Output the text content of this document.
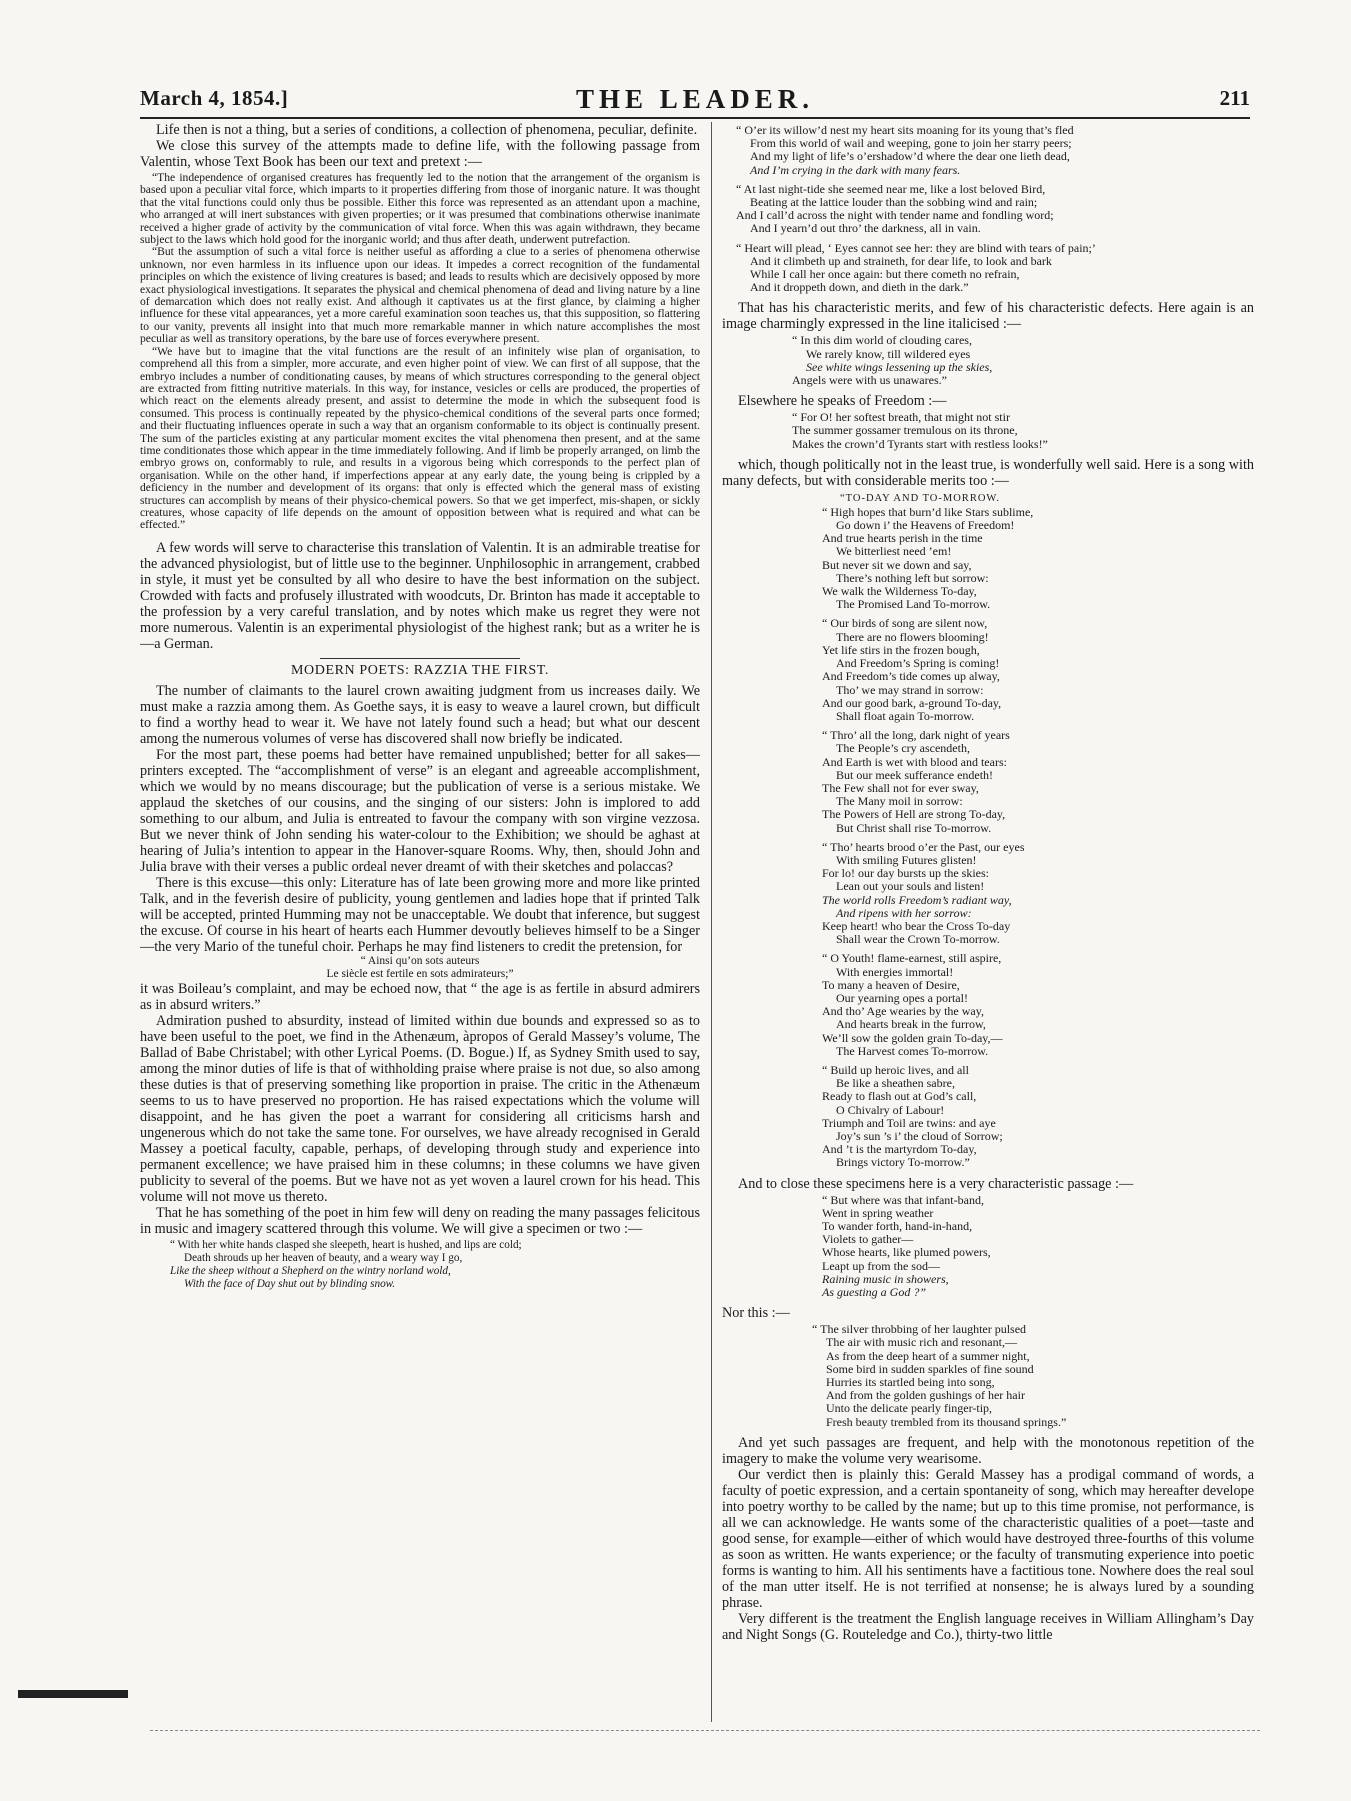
March 4, 1854.]	THE LEADER.	211

Life then is not a thing, but a series of conditions, a collection of phenomena, peculiar, definite.

We close this survey of the attempts made to define life, with the following passage from Valentin, whose Text Book has been our text and pretext :—

“The independence of organised creatures has frequently led to the notion that the arrangement of the organism is based upon a peculiar vital force, which imparts to it properties differing from those of inorganic nature. It was thought that the vital functions could only thus be possible. Either this force was represented as an attendant upon a machine, who arranged at will inert substances with given properties; or it was presumed that combinations otherwise inanimate received a higher grade of activity by the communication of vital force. When this was again withdrawn, they became subject to the laws which hold good for the inorganic world; and thus after death, underwent putrefaction.

“But the assumption of such a vital force is neither useful as affording a clue to a series of phenomena otherwise unknown, nor even harmless in its influence upon our ideas. It impedes a correct recognition of the fundamental principles on which the existence of living creatures is based; and leads to results which are decisively opposed by more exact physiological investigations. It separates the physical and chemical phenomena of dead and living nature by a line of demarcation which does not really exist. And although it captivates us at the first glance, by claiming a higher influence for these vital appearances, yet a more careful examination soon teaches us, that this supposition, so flattering to our vanity, prevents all insight into that much more remarkable manner in which nature accomplishes the most peculiar as well as transitory operations, by the bare use of forces everywhere present.

“We have but to imagine that the vital functions are the result of an infinitely wise plan of organisation, to comprehend all this from a simpler, more accurate, and even higher point of view. We can first of all suppose, that the embryo includes a number of conditionating causes, by means of which structures corresponding to the general object are extracted from fitting nutritive materials. In this way, for instance, vesicles or cells are produced, the properties of which react on the elements already present, and assist to determine the mode in which the subsequent food is consumed. This process is continually repeated by the physico-chemical conditions of the several parts once formed; and their fluctuating influences operate in such a way that an organism conformable to its object is continually present. The sum of the particles existing at any particular moment excites the vital phenomena then present, and at the same time conditionates those which appear in the time immediately following. And if limb be properly arranged, on limb the embryo grows on, conformably to rule, and results in a vigorous being which corresponds to the perfect plan of organisation. While on the other hand, if imperfections appear at any early date, the young being is crippled by a deficiency in the number and development of its organs: that only is effected which the general mass of existing structures can accomplish by means of their physico-chemical powers. So that we get imperfect, mis-shapen, or sickly creatures, whose capacity of life depends on the amount of opposition between what is required and what can be effected.”

A few words will serve to characterise this translation of Valentin. It is an admirable treatise for the advanced physiologist, but of little use to the beginner. Unphilosophic in arrangement, crabbed in style, it must yet be consulted by all who desire to have the best information on the subject. Crowded with facts and profusely illustrated with woodcuts, Dr. Brinton has made it acceptable to the profession by a very careful translation, and by notes which make us regret they were not more numerous. Valentin is an experimental physiologist of the highest rank; but as a writer he is—a German.

MODERN POETS: RAZZIA THE FIRST.

The number of claimants to the laurel crown awaiting judgment from us increases daily. We must make a razzia among them. As Goethe says, it is easy to weave a laurel crown, but difficult to find a worthy head to wear it. We have not lately found such a head; but what our descent among the numerous volumes of verse has discovered shall now briefly be indicated.

For the most part, these poems had better have remained unpublished; better for all sakes—printers excepted. The “accomplishment of verse” is an elegant and agreeable accomplishment, which we would by no means discourage; but the publication of verse is a serious mistake. We applaud the sketches of our cousins, and the singing of our sisters: John is implored to add something to our album, and Julia is entreated to favour the company with son virgine vezzosa. But we never think of John sending his water-colour to the Exhibition; we should be aghast at hearing of Julia’s intention to appear in the Hanover-square Rooms. Why, then, should John and Julia brave with their verses a public ordeal never dreamt of with their sketches and polaccas?

There is this excuse—this only: Literature has of late been growing more and more like printed Talk, and in the feverish desire of publicity, young gentlemen and ladies hope that if printed Talk will be accepted, printed Humming may not be unacceptable. We doubt that inference, but suggest the excuse. Of course in his heart of hearts each Hummer devoutly believes himself to be a Singer—the very Mario of the tuneful choir. Perhaps he may find listeners to credit the pretension, for

“ Ainsi qu’on sots auteurs
Le siècle est fertile en sots admirateurs;”

it was Boileau’s complaint, and may be echoed now, that “ the age is as fertile in absurd admirers as in absurd writers.”

Admiration pushed to absurdity, instead of limited within due bounds and expressed so as to have been useful to the poet, we find in the Athenæum, àpropos of Gerald Massey’s volume, The Ballad of Babe Christabel; with other Lyrical Poems. (D. Bogue.) If, as Sydney Smith used to say, among the minor duties of life is that of withholding praise where praise is not due, so also among these duties is that of preserving something like proportion in praise. The critic in the Athenæum seems to us to have preserved no proportion. He has raised expectations which the volume will disappoint, and he has given the poet a warrant for considering all criticisms harsh and ungenerous which do not take the same tone. For ourselves, we have already recognised in Gerald Massey a poetical faculty, capable, perhaps, of developing through study and experience into permanent excellence; we have praised him in these columns; in these columns we have given publicity to several of the poems. But we have not as yet woven a laurel crown for his head. This volume will not move us thereto.

That he has something of the poet in him few will deny on reading the many passages felicitous in music and imagery scattered through this volume. We will give a specimen or two :—

“ With her white hands clasped she sleepeth, heart is hushed, and lips are cold;
Death shrouds up her heaven of beauty, and a weary way I go,
Like the sheep without a Shepherd on the wintry norland wold,
With the face of Day shut out by blinding snow.
“ O’er its willow’d nest my heart sits moaning for its young that’s fled
From this world of wail and weeping, gone to join her starry peers;
And my light of life’s o’ershadow’d where the dear one lieth dead,
And I’m crying in the dark with many fears.
“ At last night-tide she seemed near me, like a lost beloved Bird,
Beating at the lattice louder than the sobbing wind and rain;
And I call’d across the night with tender name and fondling word;
And I yearn’d out thro’ the darkness, all in vain.
“ Heart will plead, ‘ Eyes cannot see her: they are blind with tears of pain;’
And it climbeth up and straineth, for dear life, to look and bark
While I call her once again: but there cometh no refrain,
And it droppeth down, and dieth in the dark.”

That has his characteristic merits, and few of his characteristic defects. Here again is an image charmingly expressed in the line italicised :—

“ In this dim world of clouding cares,
We rarely know, till wildered eyes
See white wings lessening up the skies,
Angels were with us unawares.”

Elsewhere he speaks of Freedom :—

“ For O! her softest breath, that might not stir
The summer gossamer tremulous on its throne,
Makes the crown’d Tyrants start with restless looks!”

which, though politically not in the least true, is wonderfully well said. Here is a song with many defects, but with considerable merits too :—

“TO-DAY AND TO-MORROW.
“ High hopes that burn’d like Stars sublime,
Go down i’ the Heavens of Freedom!
And true hearts perish in the time
We bitterliest need ’em!
But never sit we down and say,
There’s nothing left but sorrow:
We walk the Wilderness To-day,
The Promised Land To-morrow.
“ Our birds of song are silent now,
There are no flowers blooming!
Yet life stirs in the frozen bough,
And Freedom’s Spring is coming!
And Freedom’s tide comes up alway,
Tho’ we may strand in sorrow:
And our good bark, a-ground To-day,
Shall float again To-morrow.
“ Thro’ all the long, dark night of years
The People’s cry ascendeth,
And Earth is wet with blood and tears:
But our meek sufferance endeth!
The Few shall not for ever sway,
The Many moil in sorrow:
The Powers of Hell are strong To-day,
But Christ shall rise To-morrow.
“ Tho’ hearts brood o’er the Past, our eyes
With smiling Futures glisten!
For lo! our day bursts up the skies:
Lean out your souls and listen!
The world rolls Freedom’s radiant way,
And ripens with her sorrow:
Keep heart! who bear the Cross To-day
Shall wear the Crown To-morrow.
“ O Youth! flame-earnest, still aspire,
With energies immortal!
To many a heaven of Desire,
Our yearning opes a portal!
And tho’ Age wearies by the way,
And hearts break in the furrow,
We’ll sow the golden grain To-day,—
The Harvest comes To-morrow.
“ Build up heroic lives, and all
Be like a sheathen sabre,
Ready to flash out at God’s call,
O Chivalry of Labour!
Triumph and Toil are twins: and aye
Joy’s sun ’s i’ the cloud of Sorrow;
And ’t is the martyrdom To-day,
Brings victory To-morrow.”

And to close these specimens here is a very characteristic passage :—

“ But where was that infant-band,
Went in spring weather
To wander forth, hand-in-hand,
Violets to gather—
Whose hearts, like plumed powers,
Leapt up from the sod—
Raining music in showers,
As guesting a God ?”

Nor this :—

“ The silver throbbing of her laughter pulsed
The air with music rich and resonant,—
As from the deep heart of a summer night,
Some bird in sudden sparkles of fine sound
Hurries its startled being into song,
And from the golden gushings of her hair
Unto the delicate pearly finger-tip,
Fresh beauty trembled from its thousand springs.”

And yet such passages are frequent, and help with the monotonous repetition of the imagery to make the volume very wearisome.

Our verdict then is plainly this: Gerald Massey has a prodigal command of words, a faculty of poetic expression, and a certain spontaneity of song, which may hereafter develope into poetry worthy to be called by the name; but up to this time promise, not performance, is all we can acknowledge. He wants some of the characteristic qualities of a poet—taste and good sense, for example—either of which would have destroyed three-fourths of this volume as soon as written. He wants experience; or the faculty of transmuting experience into poetic forms is wanting to him. All his sentiments have a factitious tone. Nowhere does the real soul of the man utter itself. He is not terrified at nonsense; he is always lured by a sounding phrase.

Very different is the treatment the English language receives in William Allingham’s Day and Night Songs (G. Routeledge and Co.), thirty-two little
